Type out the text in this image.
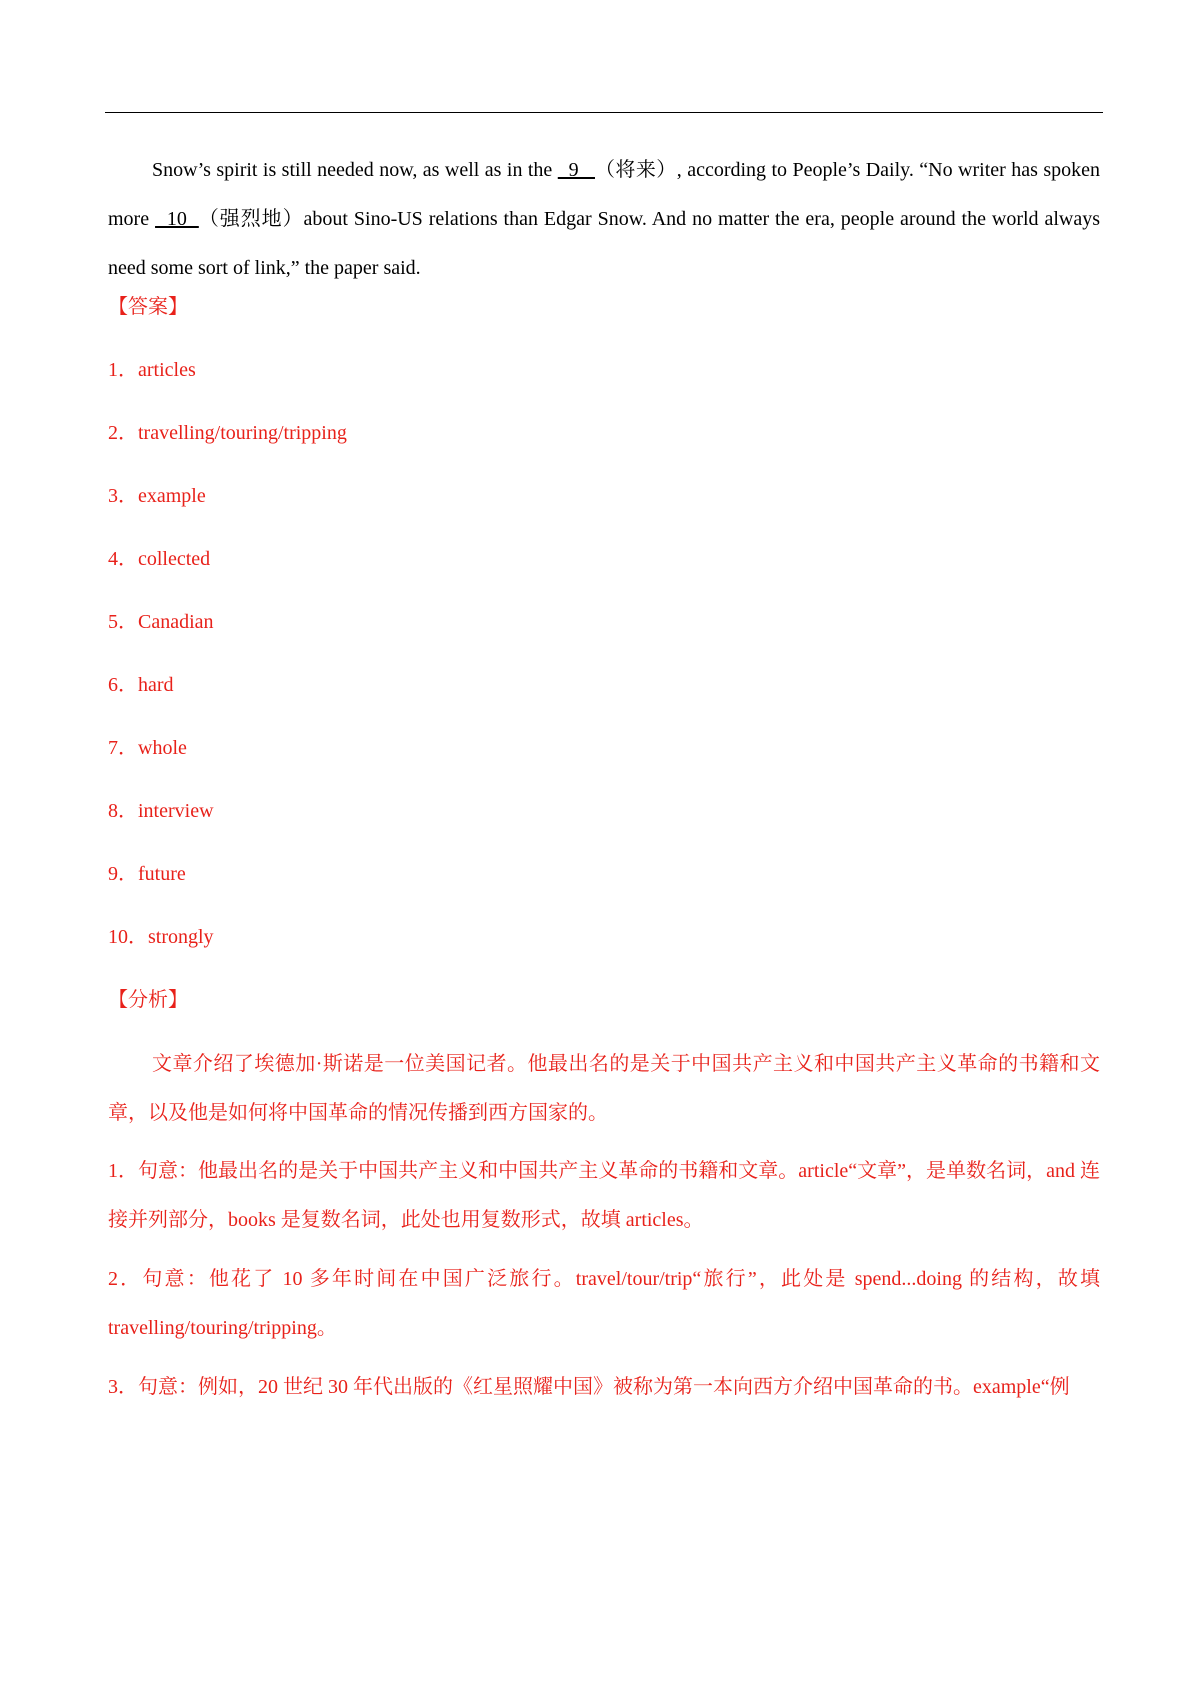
Snow’s spirit is still needed now, as well as in the   9   （将来）, according to People’s Daily. “No writer has spoken more   10  （强烈地）about Sino-US relations than Edgar Snow. And no matter the era, people around the world always need some sort of link,” the paper said.

【答案】
1．articles
2．travelling/touring/tripping
3．example
4．collected
5．Canadian
6．hard
7．whole
8．interview
9．future
10．strongly
【分析】

文章介绍了埃德加·斯诺是一位美国记者。他最出名的是关于中国共产主义和中国共产主义革命的书籍和文章，以及他是如何将中国革命的情况传播到西方国家的。

1．句意：他最出名的是关于中国共产主义和中国共产主义革命的书籍和文章。article“文章”，是单数名词，and 连接并列部分，books 是复数名词，此处也用复数形式，故填 articles。

2．句意：他花了 10 多年时间在中国广泛旅行。travel/tour/trip“旅行”，此处是 spend...doing 的结构，故填 travelling/touring/tripping。

3．句意：例如，20 世纪 30 年代出版的《红星照耀中国》被称为第一本向西方介绍中国革命的书。example“例
